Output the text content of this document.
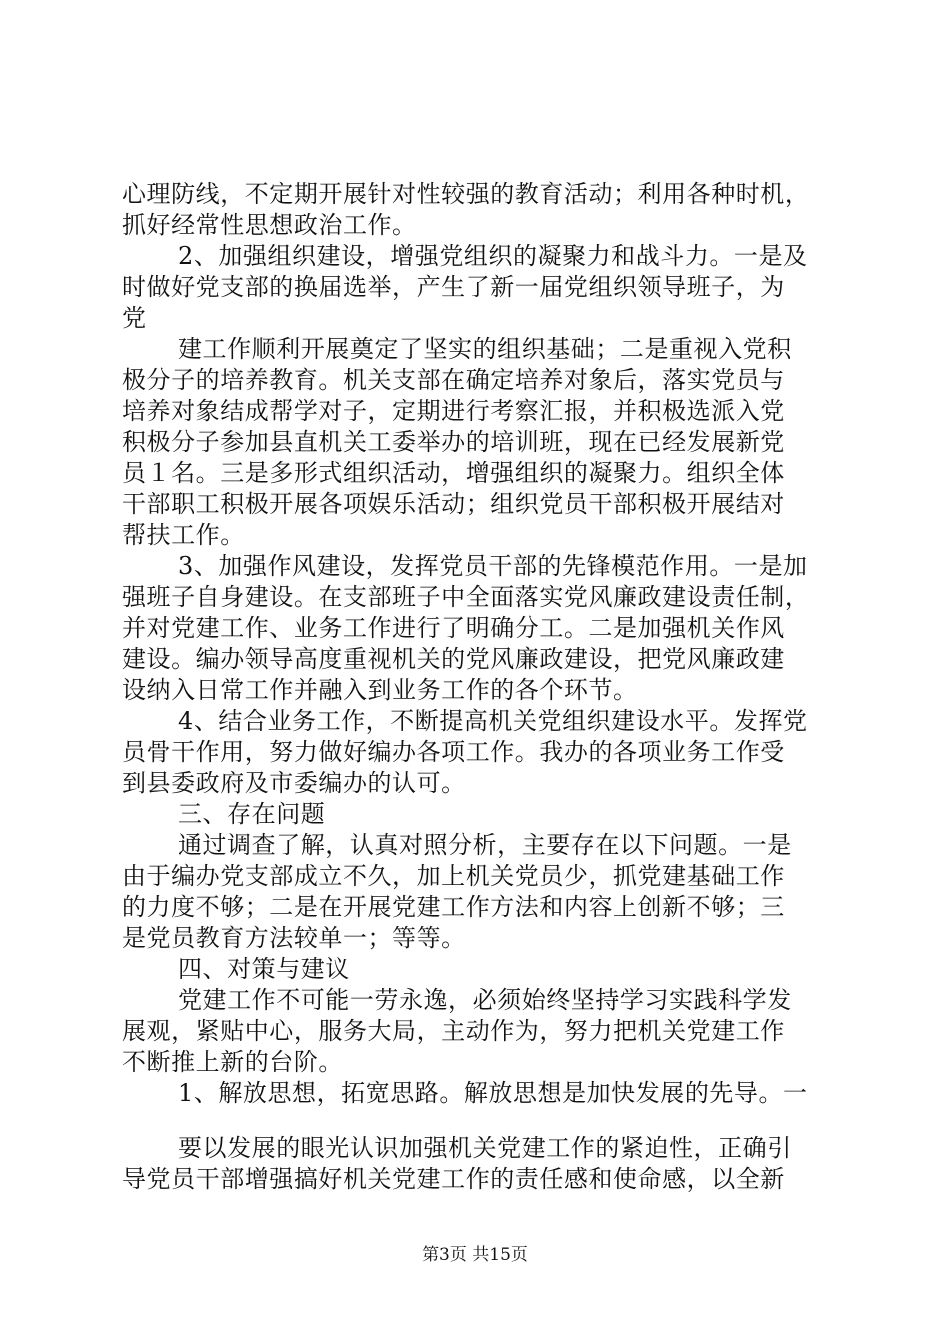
心理防线，不定期开展针对性较强的教育活动；利用各种时机，
抓好经常性思想政治工作。
2、加强组织建设，增强党组织的凝聚力和战斗力。一是及
时做好党支部的换届选举，产生了新一届党组织领导班子，为
党
建工作顺利开展奠定了坚实的组织基础；二是重视入党积
极分子的培养教育。机关支部在确定培养对象后，落实党员与
培养对象结成帮学对子，定期进行考察汇报，并积极选派入党
积极分子参加县直机关工委举办的培训班，现在已经发展新党
员１名。三是多形式组织活动，增强组织的凝聚力。组织全体
干部职工积极开展各项娱乐活动；组织党员干部积极开展结对
帮扶工作。
3、加强作风建设，发挥党员干部的先锋模范作用。一是加
强班子自身建设。在支部班子中全面落实党风廉政建设责任制，
并对党建工作、业务工作进行了明确分工。二是加强机关作风
建设。编办领导高度重视机关的党风廉政建设，把党风廉政建
设纳入日常工作并融入到业务工作的各个环节。
4、结合业务工作，不断提高机关党组织建设水平。发挥党
员骨干作用，努力做好编办各项工作。我办的各项业务工作受
到县委政府及市委编办的认可。
三、存在问题
通过调查了解，认真对照分析，主要存在以下问题。一是
由于编办党支部成立不久，加上机关党员少，抓党建基础工作
的力度不够；二是在开展党建工作方法和内容上创新不够；三
是党员教育方法较单一；等等。
四、对策与建议
党建工作不可能一劳永逸，必须始终坚持学习实践科学发
展观，紧贴中心，服务大局，主动作为，努力把机关党建工作
不断推上新的台阶。
1、解放思想，拓宽思路。解放思想是加快发展的先导。一
要以发展的眼光认识加强机关党建工作的紧迫性，正确引
导党员干部增强搞好机关党建工作的责任感和使命感，以全新
第3页 共15页
